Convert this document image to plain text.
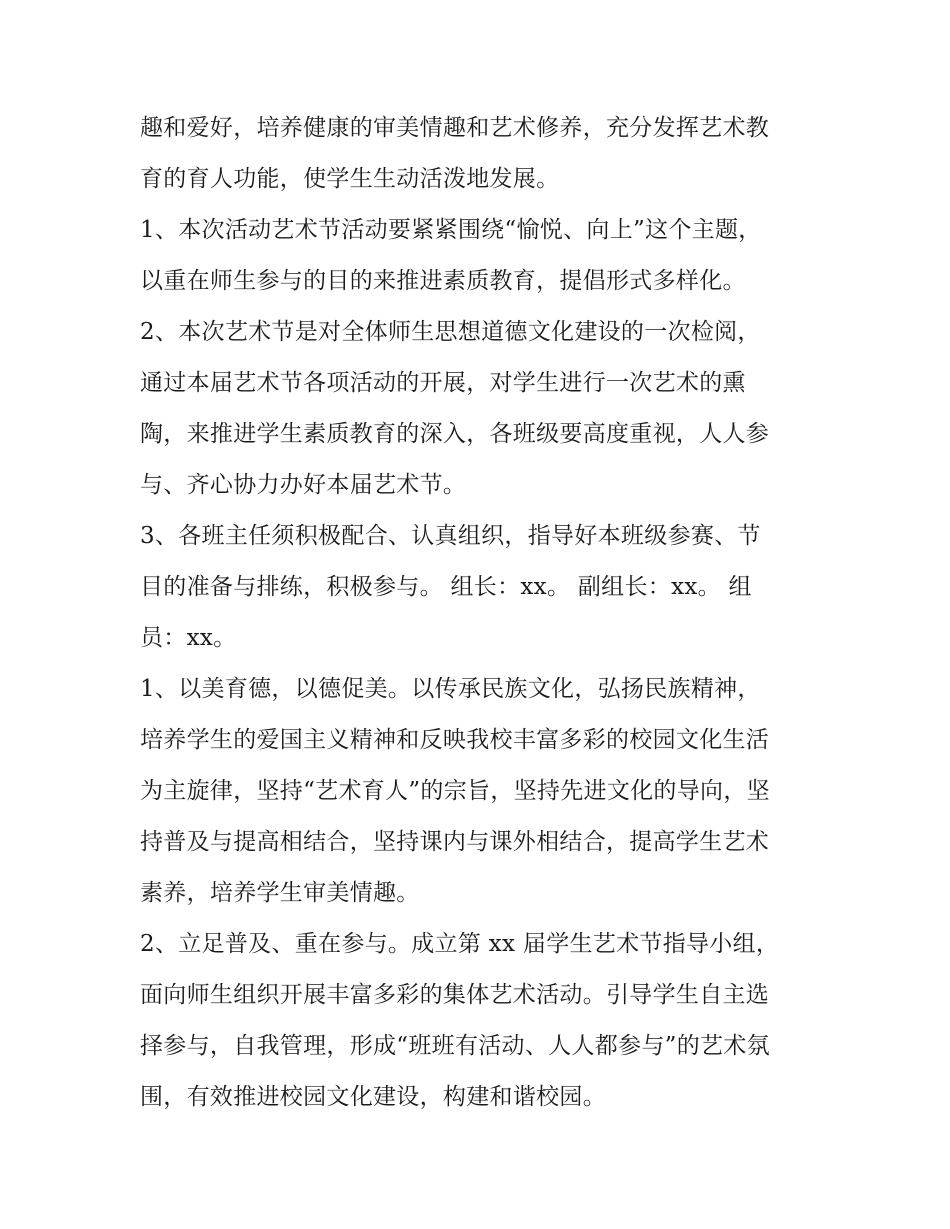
趣和爱好，培养健康的审美情趣和艺术修养，充分发挥艺术教
育的育人功能，使学生生动活泼地发展。
1、本次活动艺术节活动要紧紧围绕“愉悦、向上”这个主题，
以重在师生参与的目的来推进素质教育，提倡形式多样化。
2、本次艺术节是对全体师生思想道德文化建设的一次检阅，
通过本届艺术节各项活动的开展，对学生进行一次艺术的熏
陶，来推进学生素质教育的深入，各班级要高度重视，人人参
与、齐心协力办好本届艺术节。
3、各班主任须积极配合、认真组织，指导好本班级参赛、节
目的准备与排练，积极参与。 组长：xx。 副组长：xx。 组
员：xx。
1、以美育德，以德促美。以传承民族文化，弘扬民族精神，
培养学生的爱国主义精神和反映我校丰富多彩的校园文化生活
为主旋律，坚持“艺术育人”的宗旨，坚持先进文化的导向，坚
持普及与提高相结合，坚持课内与课外相结合，提高学生艺术
素养，培养学生审美情趣。
2、立足普及、重在参与。成立第 xx 届学生艺术节指导小组，
面向师生组织开展丰富多彩的集体艺术活动。引导学生自主选
择参与，自我管理，形成“班班有活动、人人都参与”的艺术氛
围，有效推进校园文化建设，构建和谐校园。
